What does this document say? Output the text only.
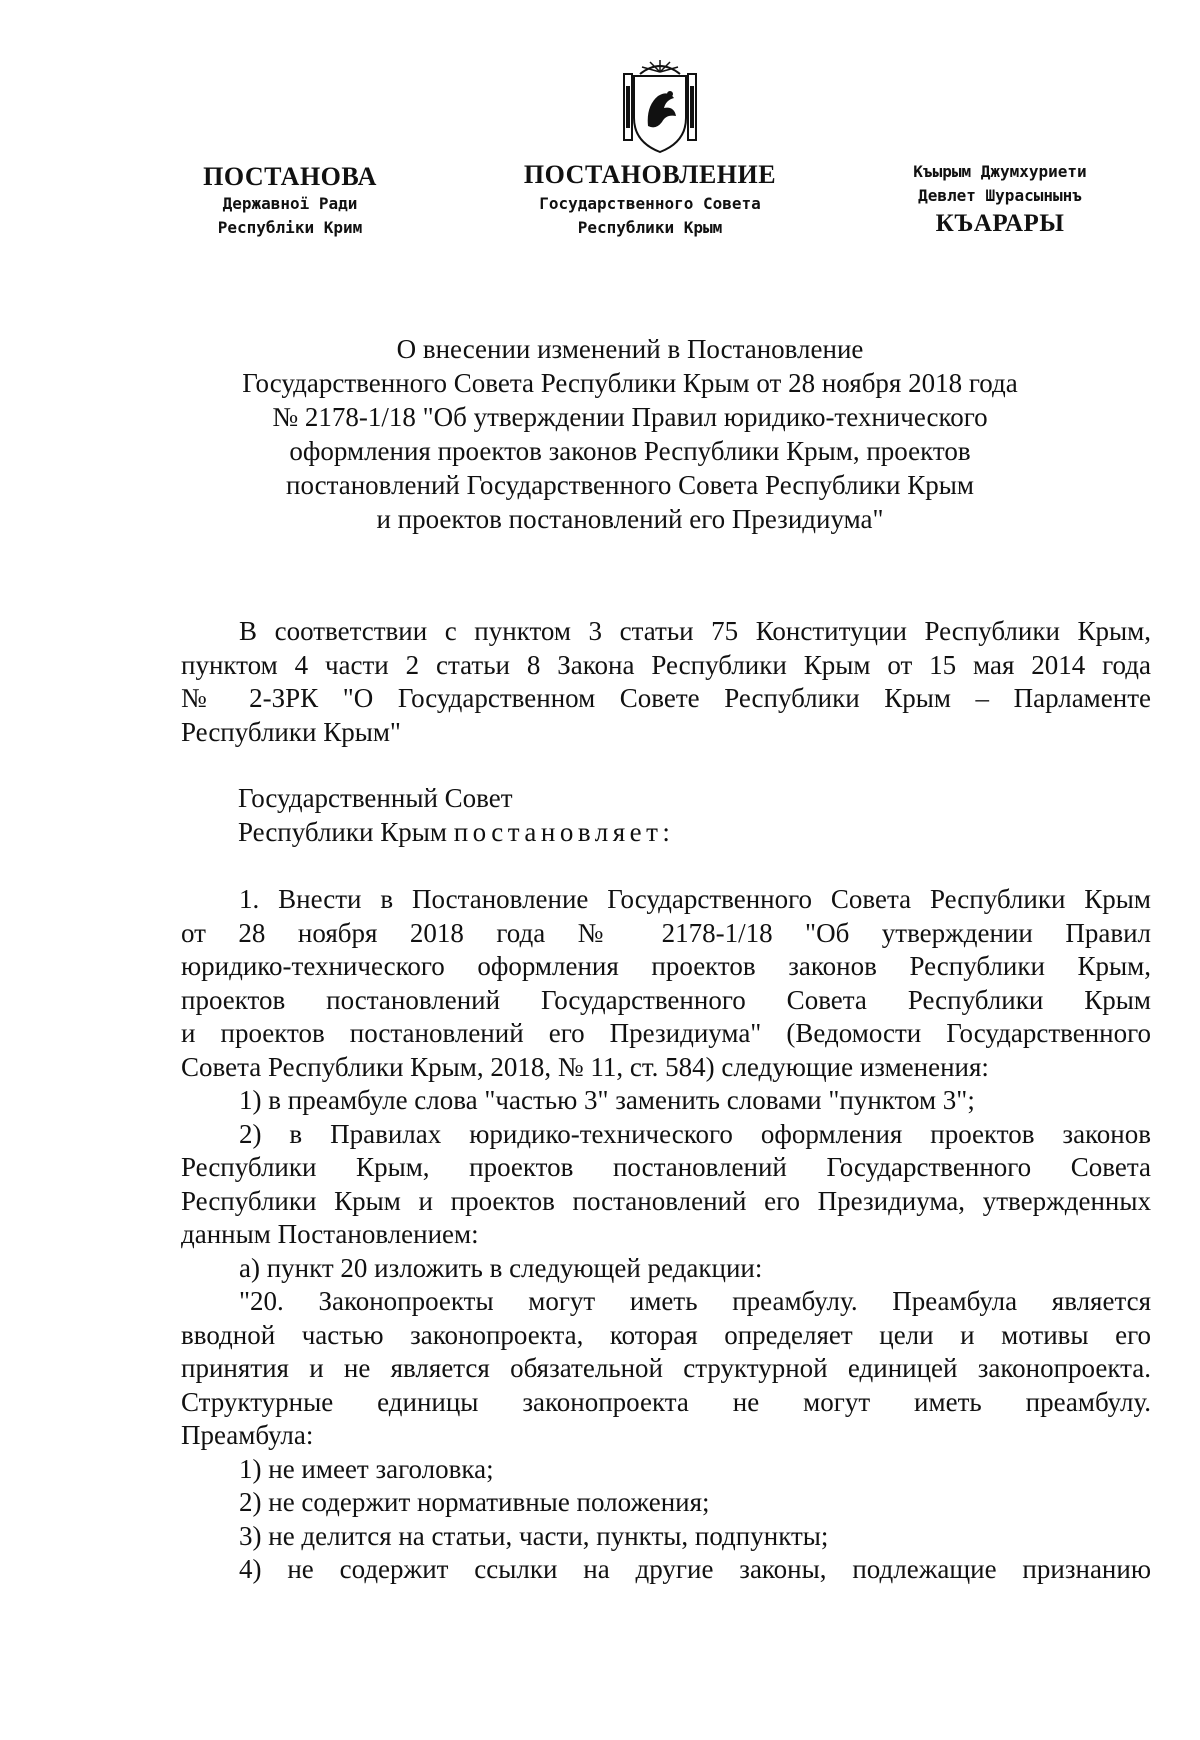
ПОСТАНОВА
Державної Ради
Республіки Крим
ПОСТАНОВЛЕНИЕ
Государственного Совета
Республики Крым
Къырым Джумхуриети
Девлет Шурасынынъ
КЪАРАРЫ
О внесении изменений в Постановление
Государственного Совета Республики Крым от 28 ноября 2018 года
№ 2178-1/18 "Об утверждении Правил юридико-технического
оформления проектов законов Республики Крым, проектов
постановлений Государственного Совета Республики Крым
и проектов постановлений его Президиума"
В соответствии с пунктом 3 статьи 75 Конституции Республики Крым,
пунктом 4 части 2 статьи 8 Закона Республики Крым от 15 мая 2014 года
№ 2-ЗРК "О Государственном Совете Республики Крым – Парламенте
Республики Крым"
Государственный Совет
Республики Крым постановляет:
1. Внести в Постановление Государственного Совета Республики Крым
от 28 ноября 2018 года № 2178-1/18 "Об утверждении Правил
юридико-технического оформления проектов законов Республики Крым,
проектов постановлений Государственного Совета Республики Крым
и проектов постановлений его Президиума" (Ведомости Государственного
Совета Республики Крым, 2018, № 11, ст. 584) следующие изменения:
1) в преамбуле слова "частью 3" заменить словами "пунктом 3";
2) в Правилах юридико-технического оформления проектов законов
Республики Крым, проектов постановлений Государственного Совета
Республики Крым и проектов постановлений его Президиума, утвержденных
данным Постановлением:
а) пункт 20 изложить в следующей редакции:
"20. Законопроекты могут иметь преамбулу. Преамбула является
вводной частью законопроекта, которая определяет цели и мотивы его
принятия и не является обязательной структурной единицей законопроекта.
Структурные единицы законопроекта не могут иметь преамбулу.
Преамбула:
1) не имеет заголовка;
2) не содержит нормативные положения;
3) не делится на статьи, части, пункты, подпункты;
4) не содержит ссылки на другие законы, подлежащие признанию
